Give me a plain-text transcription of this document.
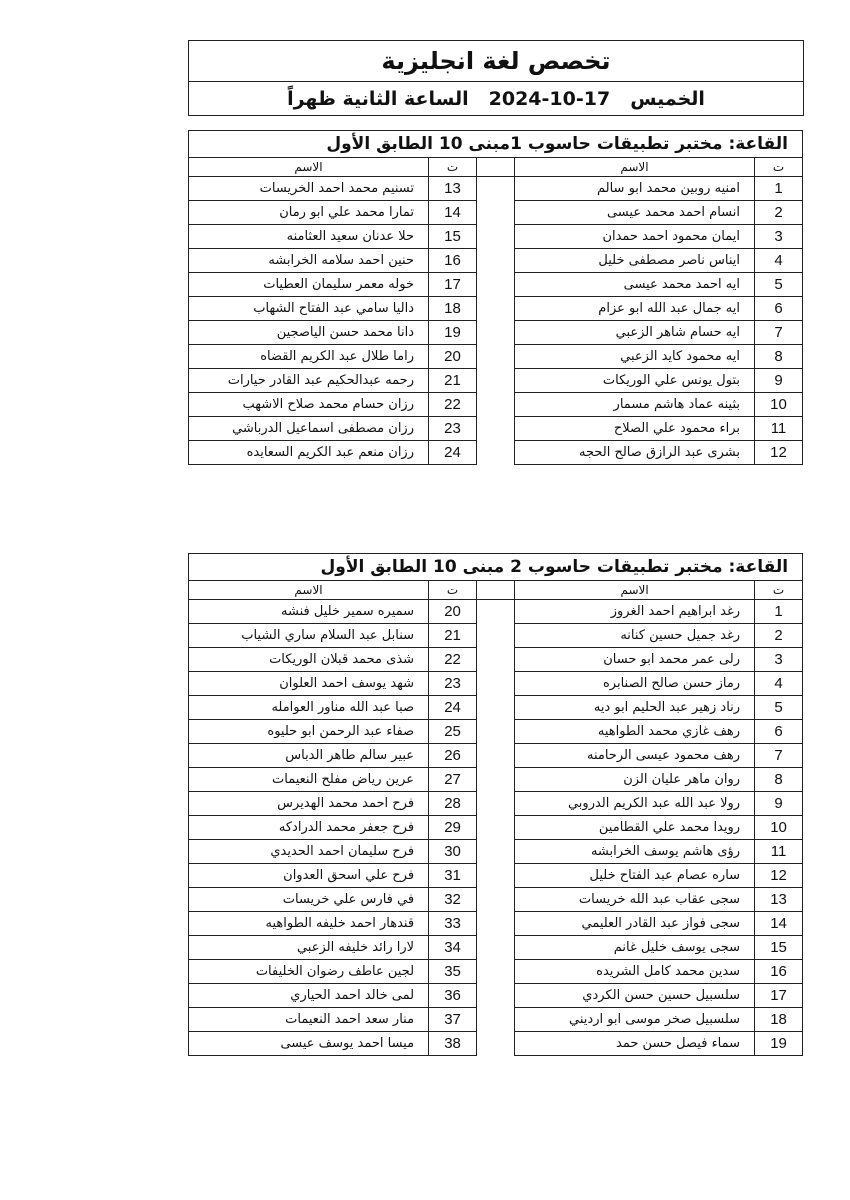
تخصص لغة انجليزية
الخميس17-10-2024الساعة الثانية ظهراً
القاعة: مختبر تطبيقات حاسوب 1مبنى 10 الطابق الأول				
ت	الاسم		ت	الاسم
1	امنيه روبين محمد ابو سالم		13	تسنيم محمد احمد الخريسات
2	انسام احمد محمد عيسى		14	تمارا محمد علي ابو رمان
3	ايمان محمود احمد حمدان		15	حلا عدنان سعيد العثامنه
4	ايناس ناصر مصطفى خليل		16	حنين احمد سلامه الخرابشه
5	ايه احمد محمد عيسى		17	خوله معمر سليمان العطيات
6	ايه جمال عبد الله ابو عزام		18	داليا سامي عبد الفتاح الشهاب
7	ايه حسام شاهر الزعبي		19	دانا محمد حسن الياصجين
8	ايه محمود كايد الزعبي		20	راما طلال عبد الكريم القضاه
9	بتول يونس علي الوريكات		21	رحمه عبدالحكيم عبد القادر حيارات
10	بثينه عماد هاشم مسمار		22	رزان حسام محمد صلاح الاشهب
11	براء محمود علي الصلاح		23	رزان مصطفى اسماعيل الدرباشي
12	بشرى عبد الرازق صالح الحجه		24	رزان منعم عبد الكريم السعايده
القاعة: مختبر تطبيقات حاسوب 2 مبنى 10 الطابق الأول				
ت	الاسم		ت	الاسم
1	رغد ابراهيم احمد الغروز		20	سميره سمير خليل فنشه
2	رغد جميل حسين كنانه		21	سنابل عبد السلام ساري الشياب
3	رلى عمر محمد ابو حسان		22	شذى محمد قبلان الوريكات
4	رماز حسن صالح الصنابره		23	شهد يوسف احمد العلوان
5	رناد زهير عبد الحليم ابو ديه		24	صبا عبد الله مناور العوامله
6	رهف غازي محمد الطواهيه		25	صفاء عبد الرحمن ابو حليوه
7	رهف محمود عيسى الرحامنه		26	عبير سالم طاهر الدباس
8	روان ماهر عليان الزن		27	عرين رياض مفلح النعيمات
9	رولا عبد الله عبد الكريم الدروبي		28	فرح احمد محمد الهديرس
10	رويدا محمد علي القطامين		29	فرح جعفر محمد الدرادكه
11	رؤى هاشم يوسف الخرابشه		30	فرح سليمان احمد الحديدي
12	ساره عصام عبد الفتاح خليل		31	فرح علي اسحق العدوان
13	سجى عقاب عبد الله خريسات		32	في فارس علي خريسات
14	سجى فواز عبد القادر العليمي		33	قندهار احمد خليفه الطواهيه
15	سجى يوسف خليل غانم		34	لارا رائد خليفه الزعبي
16	سدين محمد كامل الشريده		35	لجين عاطف رضوان الخليفات
17	سلسبيل حسين حسن الكردي		36	لمى خالد احمد الحياري
18	سلسبيل صخر موسى ابو ارديني		37	منار سعد احمد النعيمات
19	سماء فيصل حسن حمد		38	ميسا احمد يوسف عيسى
